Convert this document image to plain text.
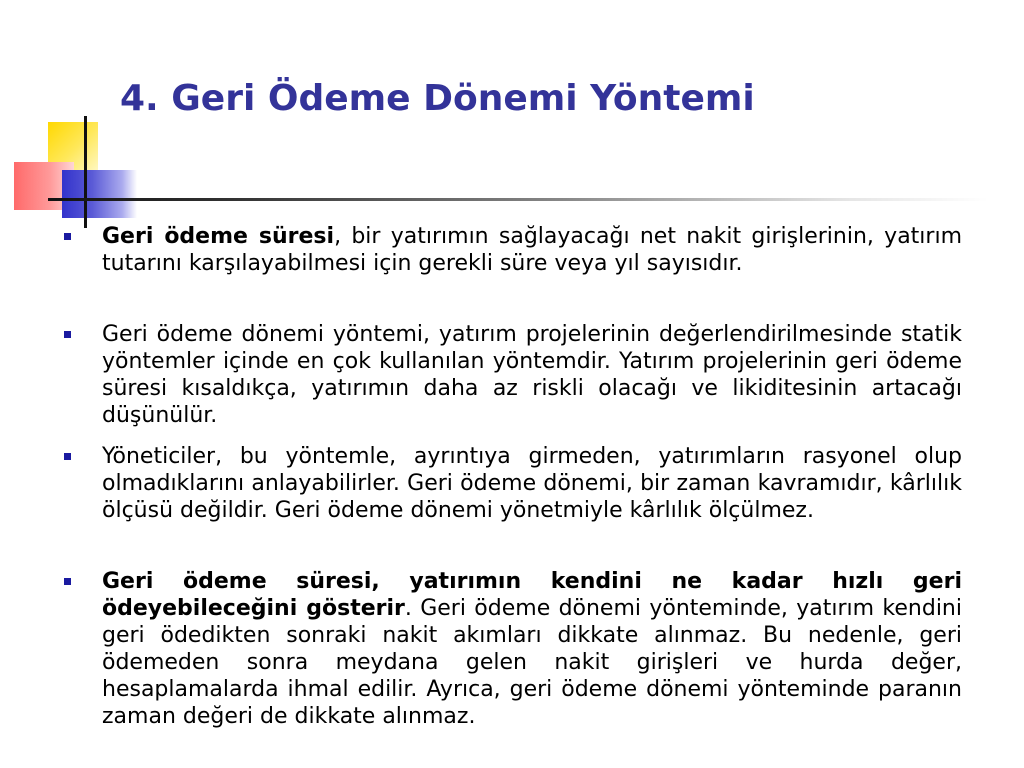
4. Geri Ödeme Dönemi Yöntemi
Geri ödeme süresi, bir yatırımın sağlayacağı net nakit girişlerinin, yatırım tutarını karşılayabilmesi için gerekli süre veya yıl sayısıdır.
Geri ödeme dönemi yöntemi, yatırım projelerinin değerlendirilmesinde statik yöntemler içinde en çok kullanılan yöntemdir. Yatırım projelerinin geri ödeme süresi kısaldıkça, yatırımın daha az riskli olacağı ve likiditesinin artacağı düşünülür.
Yöneticiler, bu yöntemle, ayrıntıya girmeden, yatırımların rasyonel olup olmadıklarını anlayabilirler. Geri ödeme dönemi, bir zaman kavramıdır, kârlılık ölçüsü değildir. Geri ödeme dönemi yönetmiyle kârlılık ölçülmez.
Geri ödeme süresi, yatırımın kendini ne kadar hızlı geri ödeyebileceğini gösterir. Geri ödeme dönemi yönteminde, yatırım kendini geri ödedikten sonraki nakit akımları dikkate alınmaz. Bu nedenle, geri ödemeden sonra meydana gelen nakit girişleri ve hurda değer, hesaplamalarda ihmal edilir. Ayrıca, geri ödeme dönemi yönteminde paranın zaman değeri de dikkate alınmaz.
